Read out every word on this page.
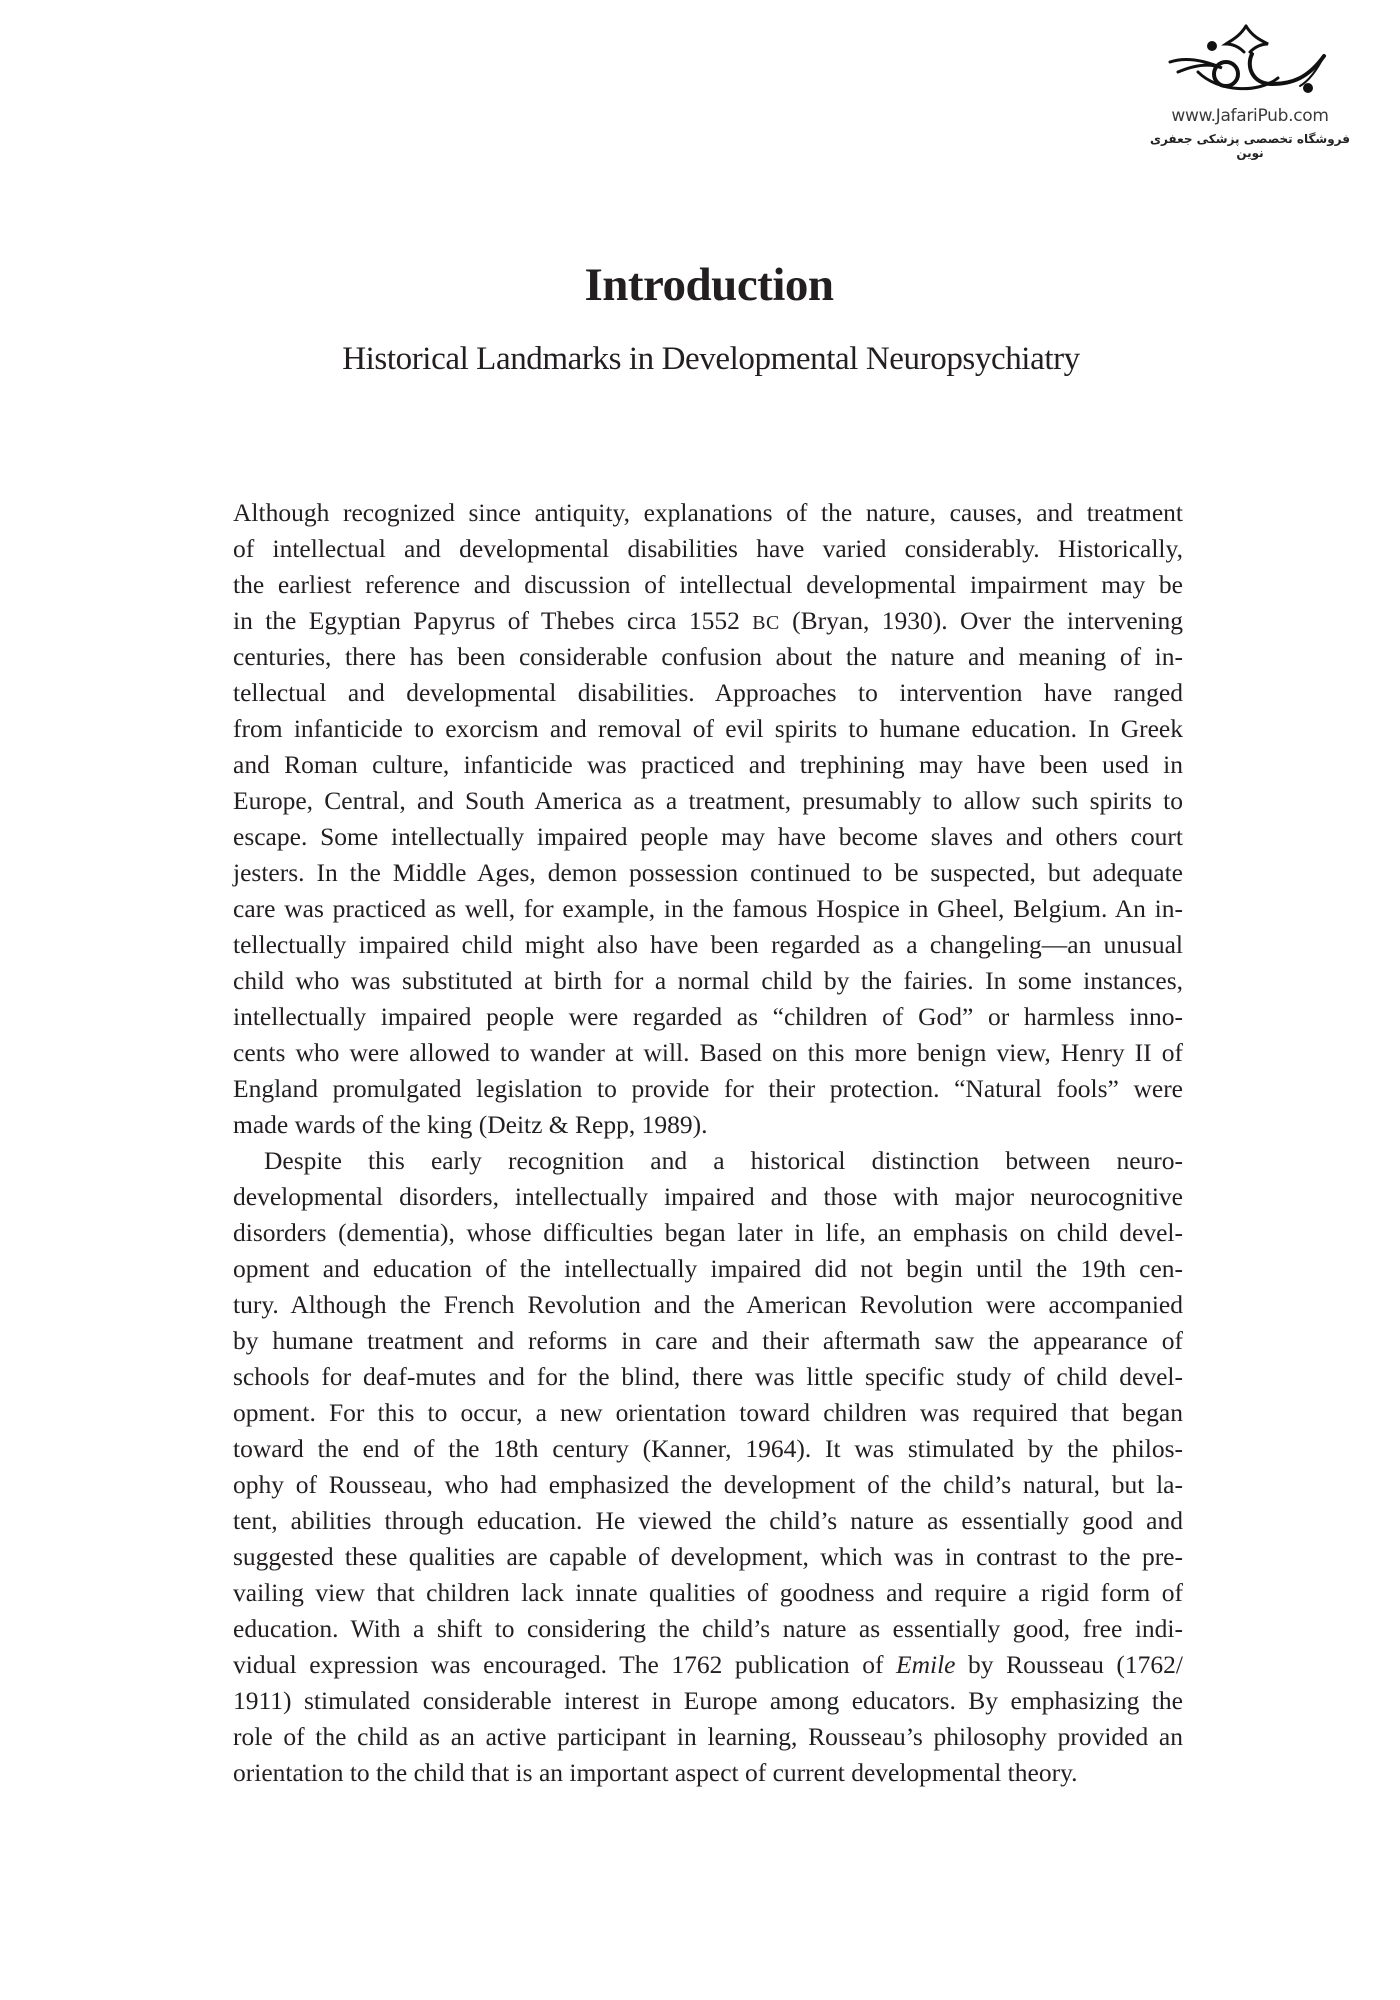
www.JafariPub.com
فروشگاه تخصصی پزشکی جعفری نوین
Introduction
Historical Landmarks in Developmental Neuropsychiatry

Although recognized since antiquity, explanations of the nature, causes, and treatment
of intellectual and developmental disabilities have varied considerably. Historically,
the earliest reference and discussion of intellectual developmental impairment may be
in the Egyptian Papyrus of Thebes circa 1552 BC (Bryan, 1930). Over the intervening
centuries, there has been considerable confusion about the nature and meaning of in-
tellectual and developmental disabilities. Approaches to intervention have ranged
from infanticide to exorcism and removal of evil spirits to humane education. In Greek
and Roman culture, infanticide was practiced and trephining may have been used in
Europe, Central, and South America as a treatment, presumably to allow such spirits to
escape. Some intellectually impaired people may have become slaves and others court
jesters. In the Middle Ages, demon possession continued to be suspected, but adequate
care was practiced as well, for example, in the famous Hospice in Gheel, Belgium. An in-
tellectually impaired child might also have been regarded as a changeling—an unusual
child who was substituted at birth for a normal child by the fairies. In some instances,
intellectually impaired people were regarded as “children of God” or harmless inno-
cents who were allowed to wander at will. Based on this more benign view, Henry II of
England promulgated legislation to provide for their protection. “Natural fools” were
made wards of the king (Deitz & Repp, 1989).

Despite this early recognition and a historical distinction between neuro-
developmental disorders, intellectually impaired and those with major neurocognitive
disorders (dementia), whose difficulties began later in life, an emphasis on child devel-
opment and education of the intellectually impaired did not begin until the 19th cen-
tury. Although the French Revolution and the American Revolution were accompanied
by humane treatment and reforms in care and their aftermath saw the appearance of
schools for deaf-mutes and for the blind, there was little specific study of child devel-
opment. For this to occur, a new orientation toward children was required that began
toward the end of the 18th century (Kanner, 1964). It was stimulated by the philos-
ophy of Rousseau, who had emphasized the development of the child’s natural, but la-
tent, abilities through education. He viewed the child’s nature as essentially good and
suggested these qualities are capable of development, which was in contrast to the pre-
vailing view that children lack innate qualities of goodness and require a rigid form of
education. With a shift to considering the child’s nature as essentially good, free indi-
vidual expression was encouraged. The 1762 publication of Emile by Rousseau (1762/
1911) stimulated considerable interest in Europe among educators. By emphasizing the
role of the child as an active participant in learning, Rousseau’s philosophy provided an
orientation to the child that is an important aspect of current developmental theory.
